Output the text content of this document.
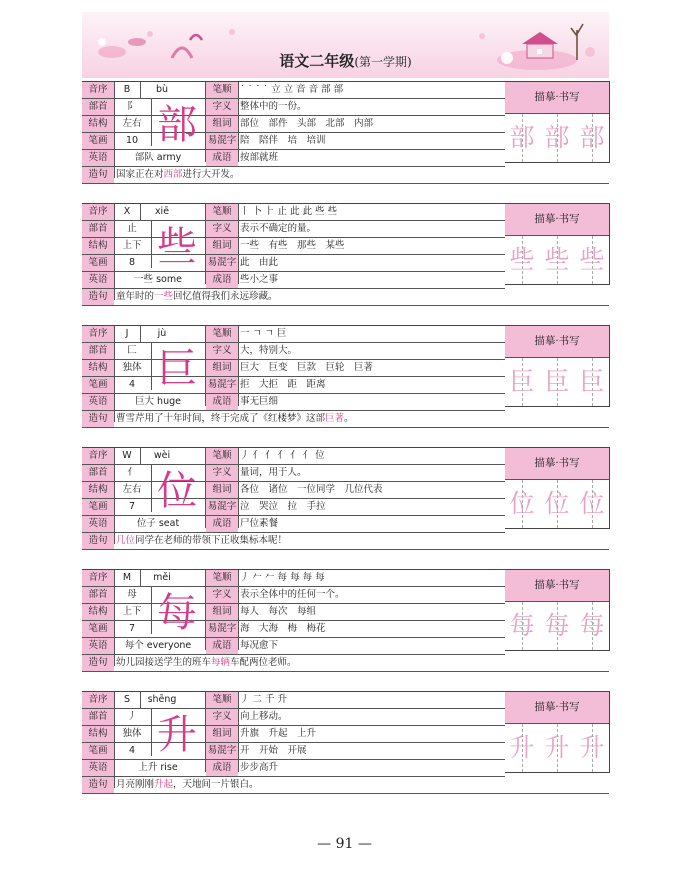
语文二年级(第一学期)
音序	B	bù	笔顺 ˙ ˙ ˙ ˙ 立 立 音 音 部 部
部首	阝	字义 整体中的一份。
结构	左右	组词 部位　部件　头部　北部　内部
笔画	10	易混字 陪　陪伴　培　培训
英语	部队 army	成语 按部就班
造句 国家正在对西部进行大开发。
部
描摹·书写
部 部 部
音序	X	xiē	笔顺 丨 卜 ⺊ 止 此 此 些 些
部首	止	字义 表示不确定的量。
结构	上下	组词 一些　有些　那些　某些
笔画	8	易混字 此　由此
英语	一些 some	成语 些小之事
造句 童年时的一些回忆值得我们永远珍藏。
些
描摹·书写
些 些 些
音序	J	jù	笔顺 一 ㄱ ㄱ 巨
部首	匚	字义 大，特别大。
结构	独体	组词 巨大　巨变　巨款　巨轮　巨著
笔画	4	易混字 拒　大拒　距　距离
英语	巨大 huge	成语 事无巨细
造句 曹雪芹用了十年时间，终于完成了《红楼梦》这部巨著。
巨
描摹·书写
巨 巨 巨
音序	W	wèi	笔顺 丿 亻 亻 亻 亻 亻 位
部首	亻	字义 量词，用于人。
结构	左右	组词 各位　诸位　一位同学　几位代表
笔画	7	易混字 泣　哭泣　拉　手拉
英语	位子 seat	成语 尸位素餐
造句 几位同学在老师的带领下正收集标本呢！
位
描摹·书写
位 位 位
音序	M	měi	笔顺 丿 𠂉 𠂉 每 每 每 每
部首	母	字义 表示全体中的任何一个。
结构	上下	组词 每人　每次　每组
笔画	7	易混字 海　大海　梅　梅花
英语	每个 everyone	成语 每况愈下
造句 幼儿园接送学生的班车每辆车配两位老师。
每
描摹·书写
每 每 每
音序	S	shēng	笔顺 丿 二 千 升
部首	丿	字义 向上移动。
结构	独体	组词 升旗　升起　上升
笔画	4	易混字 开　开始　开展
英语	上升 rise	成语 步步高升
造句 月亮刚刚升起，天地间一片银白。
升
描摹·书写
升 升 升
— 91 —
